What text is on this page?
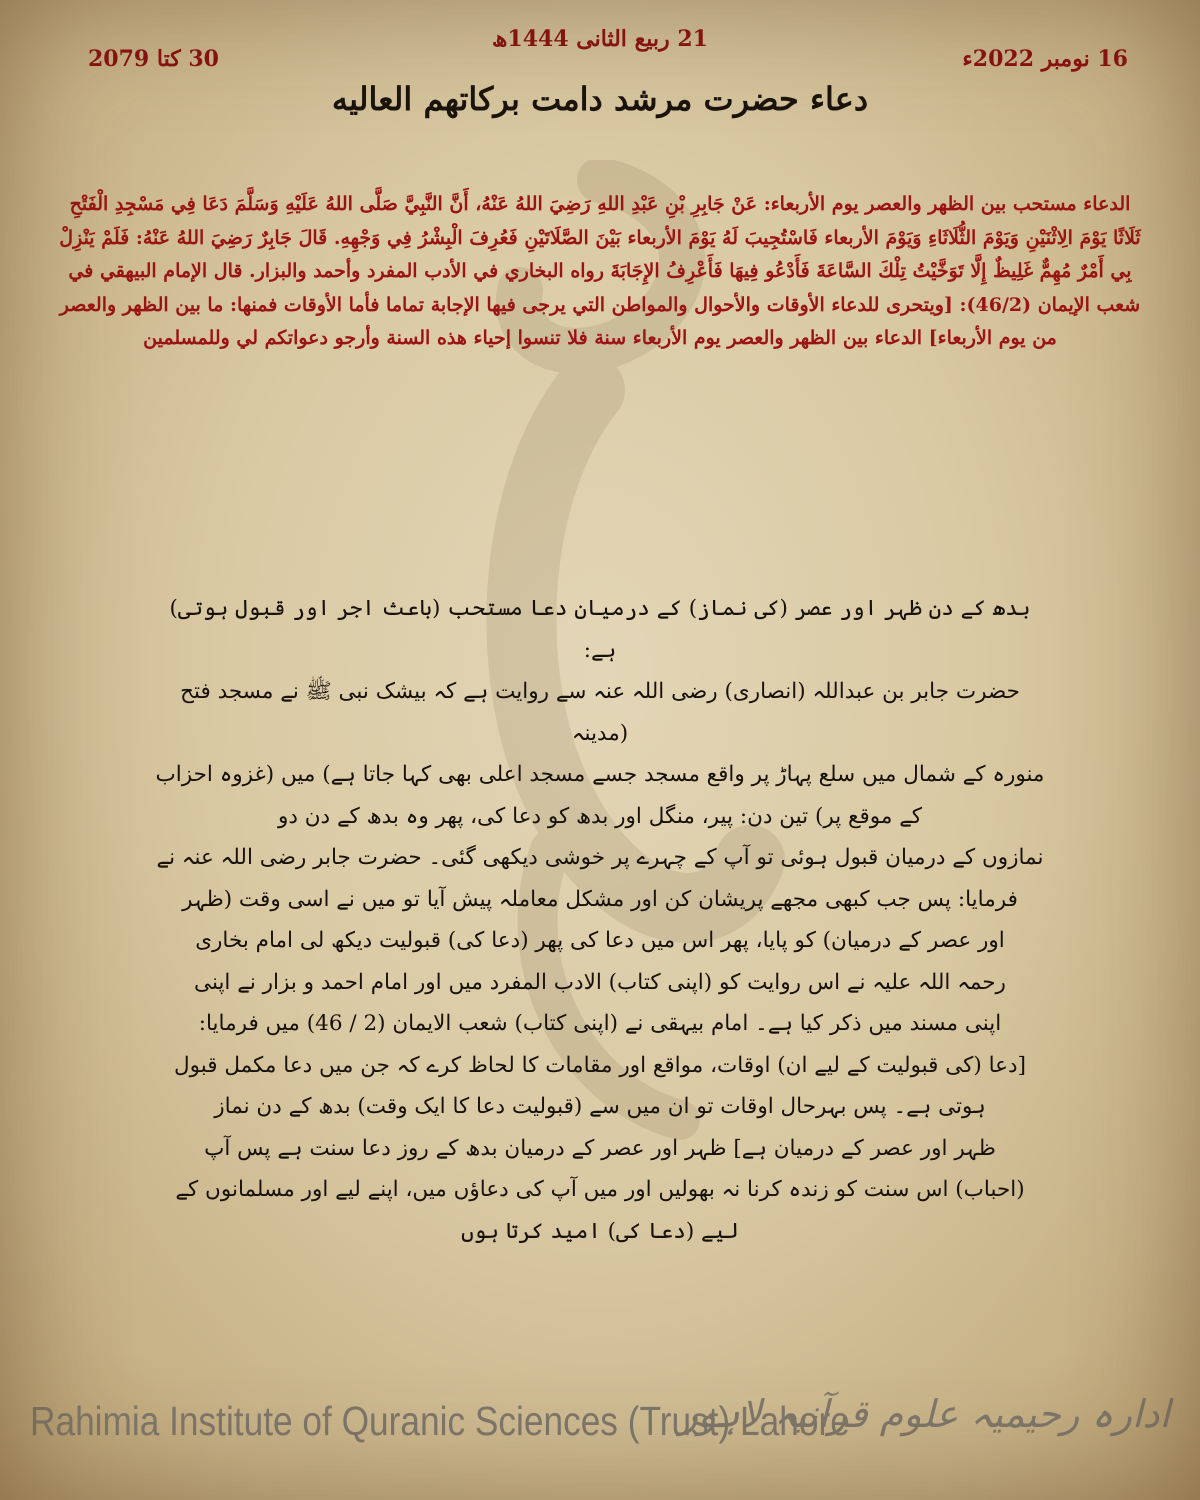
21 ربیع الثانی 1444ھ
16 نومبر 2022ء
30 کتا 2079
دعاء حضرت مرشد دامت برکاتهم العالیه
الدعاء مستحب بين الظهر والعصر يوم الأربعاء: عَنْ جَابِرِ بْنِ عَبْدِ اللهِ رَضِيَ اللهُ عَنْهُ، أَنَّ النَّبِيَّ صَلَّى اللهُ عَلَيْهِ وَسَلَّمَ دَعَا فِي مَسْجِدِ الْفَتْحِ ثَلَاثًا يَوْمَ الِاثْنَيْنِ وَيَوْمَ الثُّلَاثَاءِ وَيَوْمَ الأربعاء فَاسْتُجِيبَ لَهُ يَوْمَ الأربعاء بَيْنَ الصَّلَاتَيْنِ فَعُرِفَ الْبِشْرُ فِي وَجْهِهِ. قَالَ جَابِرٌ رَضِيَ اللهُ عَنْهُ: فَلَمْ يَنْزِلْ بِي أَمْرٌ مُهِمٌّ غَلِيظٌ إِلَّا تَوَخَّيْتُ تِلْكَ السَّاعَةَ فَأَدْعُو فِيهَا فَأَعْرِفُ الإِجَابَةَ رواه البخاري في الأدب المفرد وأحمد والبزار. قال الإمام البيهقي في شعب الإيمان (46/2): [ويتحرى للدعاء الأوقات والأحوال والمواطن التي يرجى فيها الإجابة تماما فأما الأوقات فمنها: ما بين الظهر والعصر من يوم الأربعاء] الدعاء بين الظهر والعصر يوم الأربعاء سنة فلا تنسوا إحياء هذه السنة وأرجو دعواتكم لي وللمسلمين

بدھ کے دن ظہر اور عصر (کی نماز) کے درمیان دعا مستحب (باعث اجر اور قبول ہوتی) ہے:

حضرت جابر بن عبداللہ (انصاری) رضی اللہ عنہ سے روایت ہے کہ بیشک نبی ﷺ نے مسجد فتح (مدینہ

منورہ کے شمال میں سلع پہاڑ پر واقع مسجد جسے مسجد اعلی بھی کہا جاتا ہے) میں (غزوہ احزاب

کے موقع پر) تین دن: پیر، منگل اور بدھ کو دعا کی، پھر وہ بدھ کے دن دو

نمازوں کے درمیان قبول ہوئی تو آپ کے چہرے پر خوشی دیکھی گئی۔ حضرت جابر رضی اللہ عنہ نے

فرمایا: پس جب کبھی مجھے پریشان کن اور مشکل معاملہ پیش آیا تو میں نے اسی وقت (ظہر

اور عصر کے درمیان) کو پایا، پھر اس میں دعا کی پھر (دعا کی) قبولیت دیکھ لی امام بخاری

رحمہ اللہ علیہ نے اس روایت کو (اپنی کتاب) الادب المفرد میں اور امام احمد و بزار نے اپنی

اپنی مسند میں ذکر کیا ہے۔ امام بیہقی نے (اپنی کتاب) شعب الایمان (2 / 46) میں فرمایا:

[دعا (کی قبولیت کے لیے ان) اوقات، مواقع اور مقامات کا لحاظ کرے کہ جن میں دعا مکمل قبول

ہوتی ہے۔ پس بہرحال اوقات تو ان میں سے (قبولیت دعا کا ایک وقت) بدھ کے دن نماز

ظہر اور عصر کے درمیان ہے] ظہر اور عصر کے درمیان بدھ کے روز دعا سنت ہے پس آپ

(احباب) اس سنت کو زندہ کرنا نہ بھولیں اور میں آپ کی دعاؤں میں، اپنے لیے اور مسلمانوں کے

لیے (دعا کی) امید کرتا ہوں

Rahimia Institute of Quranic Sciences (Trust) Lahore
ادارہ رحیمیہ علوم قرآنیہ لاہور
